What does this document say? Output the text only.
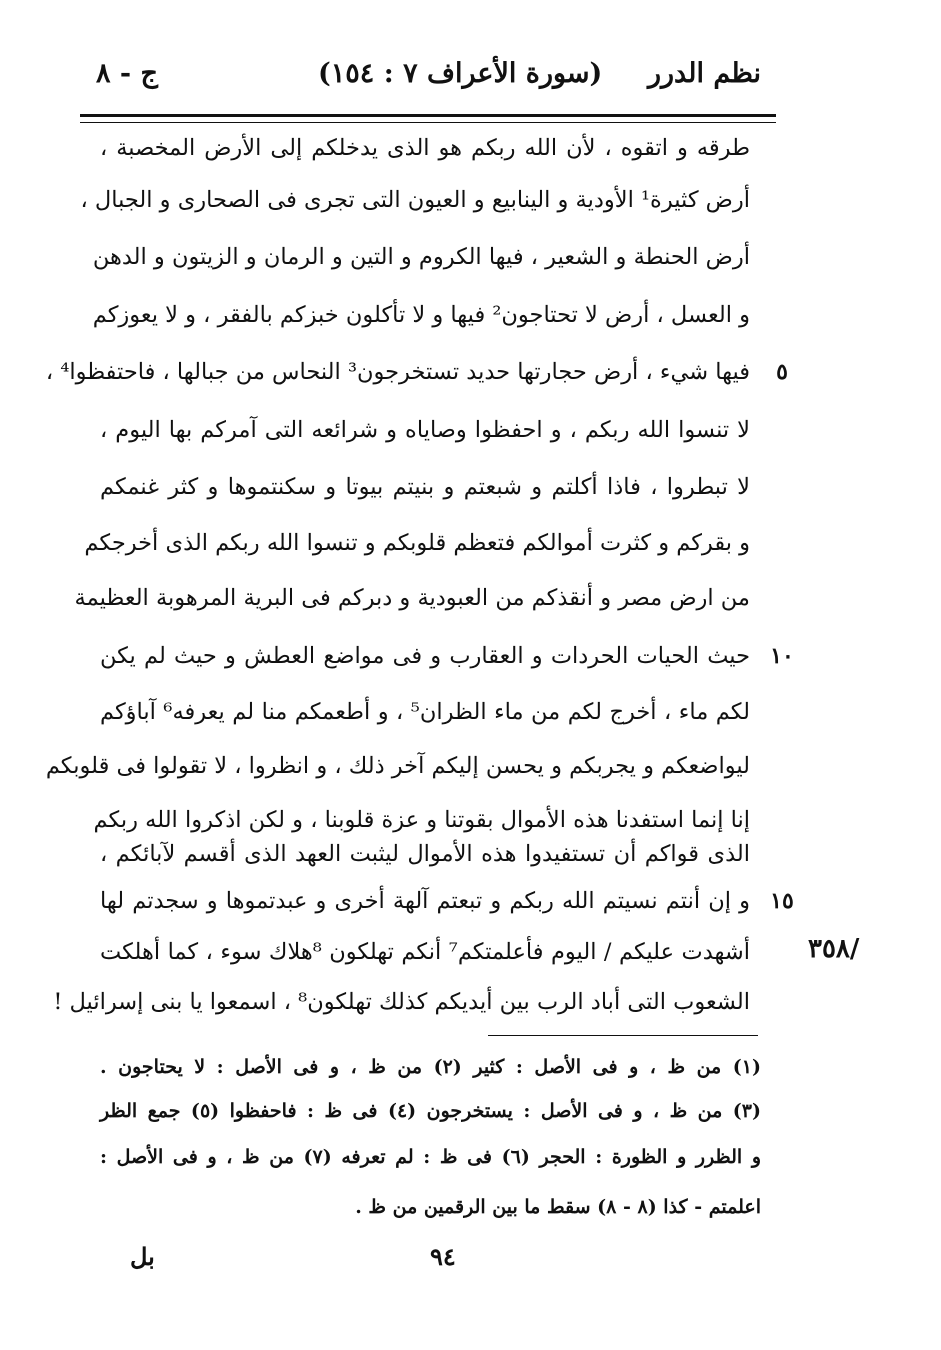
نظم الدرر
(سورة الأعراف ٧ : ١٥٤)
ج - ٨
طرقه و اتقوه ، لأن الله ربكم هو الذى يدخلكم إلى الأرض المخصبة ،
أرض كثيرة¹ الأودية و الينابيع و العيون التى تجرى فى الصحارى و الجبال ،
أرض الحنطة و الشعير ، فيها الكروم و التين و الرمان و الزيتون و الدهن
و العسل ، أرض لا تحتاجون² فيها و لا تأكلون خبزكم بالفقر ، و لا يعوزكم
فيها شيء ، أرض حجارتها حديد تستخرجون³ النحاس من جبالها ، فاحتفظوا⁴ ،	٥
لا تنسوا الله ربكم ، و احفظوا وصاياه و شرائعه التى آمركم بها اليوم ،
لا تبطروا ، فاذا أكلتم و شبعتم و بنيتم بيوتا و سكنتموها و كثر غنمكم
و بقركم و كثرت أموالكم فتعظم قلوبكم و تنسوا الله ربكم الذى أخرجكم
من ارض مصر و أنقذكم من العبودية و دبركم فى البرية المرهوبة العظيمة
حيث الحيات الحردات و العقارب و فى مواضع العطش و حيث لم يكن ١٠
لكم ماء ، أخرج لكم من ماء الظران⁵ ، و أطعمكم منا لم يعرفه⁶ آباؤكم
ليواضعكم و يجربكم و يحسن إليكم آخر ذلك ، و انظروا ، لا تقولوا فى قلوبكم
إنا إنما استفدنا هذه الأموال بقوتنا و عزة قلوبنا ، و لكن اذكروا الله ربكم
الذى قواكم أن تستفيدوا هذه الأموال ليثبت العهد الذى أقسم لآبائكم ،
و إن أنتم نسيتم الله ربكم و تبعتم آلهة أخرى و عبدتموها و سجدتم لها ١٥
أشهدت عليكم / اليوم فأعلمتكم⁷ أنكم تهلكون ⁸هلاك سوء ، كما أهلكت
الشعوب التى أباد الرب بين أيديكم كذلك تهلكون⁸ ، اسمعوا يا بنى إسرائيل !
/٣٥٨
(١) من ظ ، و فى الأصل : كثير (٢) من ظ ، و فى الأصل : لا يحتاجون .
(٣) من ظ ، و فى الأصل : يستخرجون (٤) فى ظ : فاحفظوا (٥) جمع الظر
و الظرر و الظورة : الحجر (٦) فى ظ : لم تعرفه (٧) من ظ ، و فى الأصل :
اعلمتم - كذا (٨ - ٨) سقط ما بين الرقمين من ظ .
٩٤
بل
